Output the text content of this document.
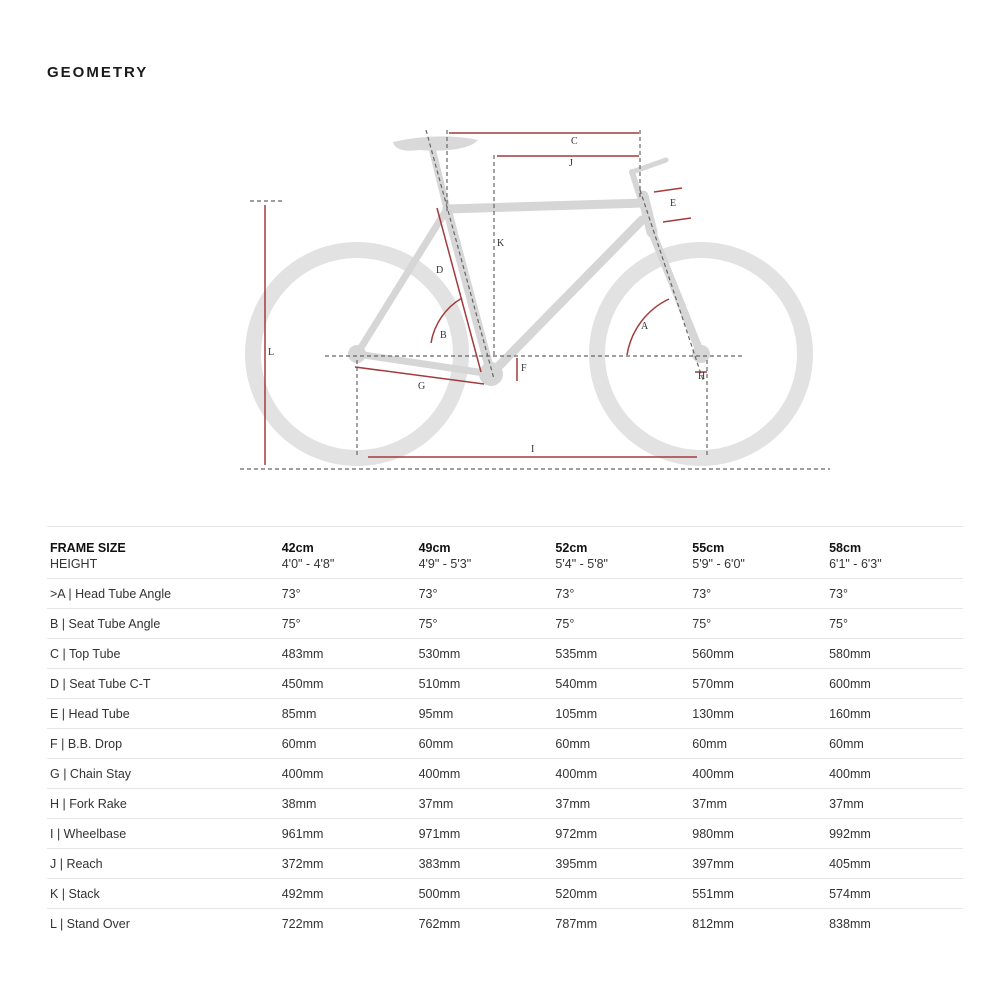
GEOMETRY
C
J
E
K
D
B
A
L
F
H
G
I
FRAME SIZE	42cm	49cm	52cm	55cm	58cm
HEIGHT	4'0" - 4'8"	4'9" - 5'3"	5'4" - 5'8"	5'9" - 6'0"	6'1" - 6'3"
>A | Head Tube Angle	73°	73°	73°	73°	73°
B | Seat Tube Angle	75°	75°	75°	75°	75°
C | Top Tube	483mm	530mm	535mm	560mm	580mm
D | Seat Tube C-T	450mm	510mm	540mm	570mm	600mm
E | Head Tube	85mm	95mm	105mm	130mm	160mm
F | B.B. Drop	60mm	60mm	60mm	60mm	60mm
G | Chain Stay	400mm	400mm	400mm	400mm	400mm
H | Fork Rake	38mm	37mm	37mm	37mm	37mm
I | Wheelbase	961mm	971mm	972mm	980mm	992mm
J | Reach	372mm	383mm	395mm	397mm	405mm
K | Stack	492mm	500mm	520mm	551mm	574mm
L | Stand Over	722mm	762mm	787mm	812mm	838mm
